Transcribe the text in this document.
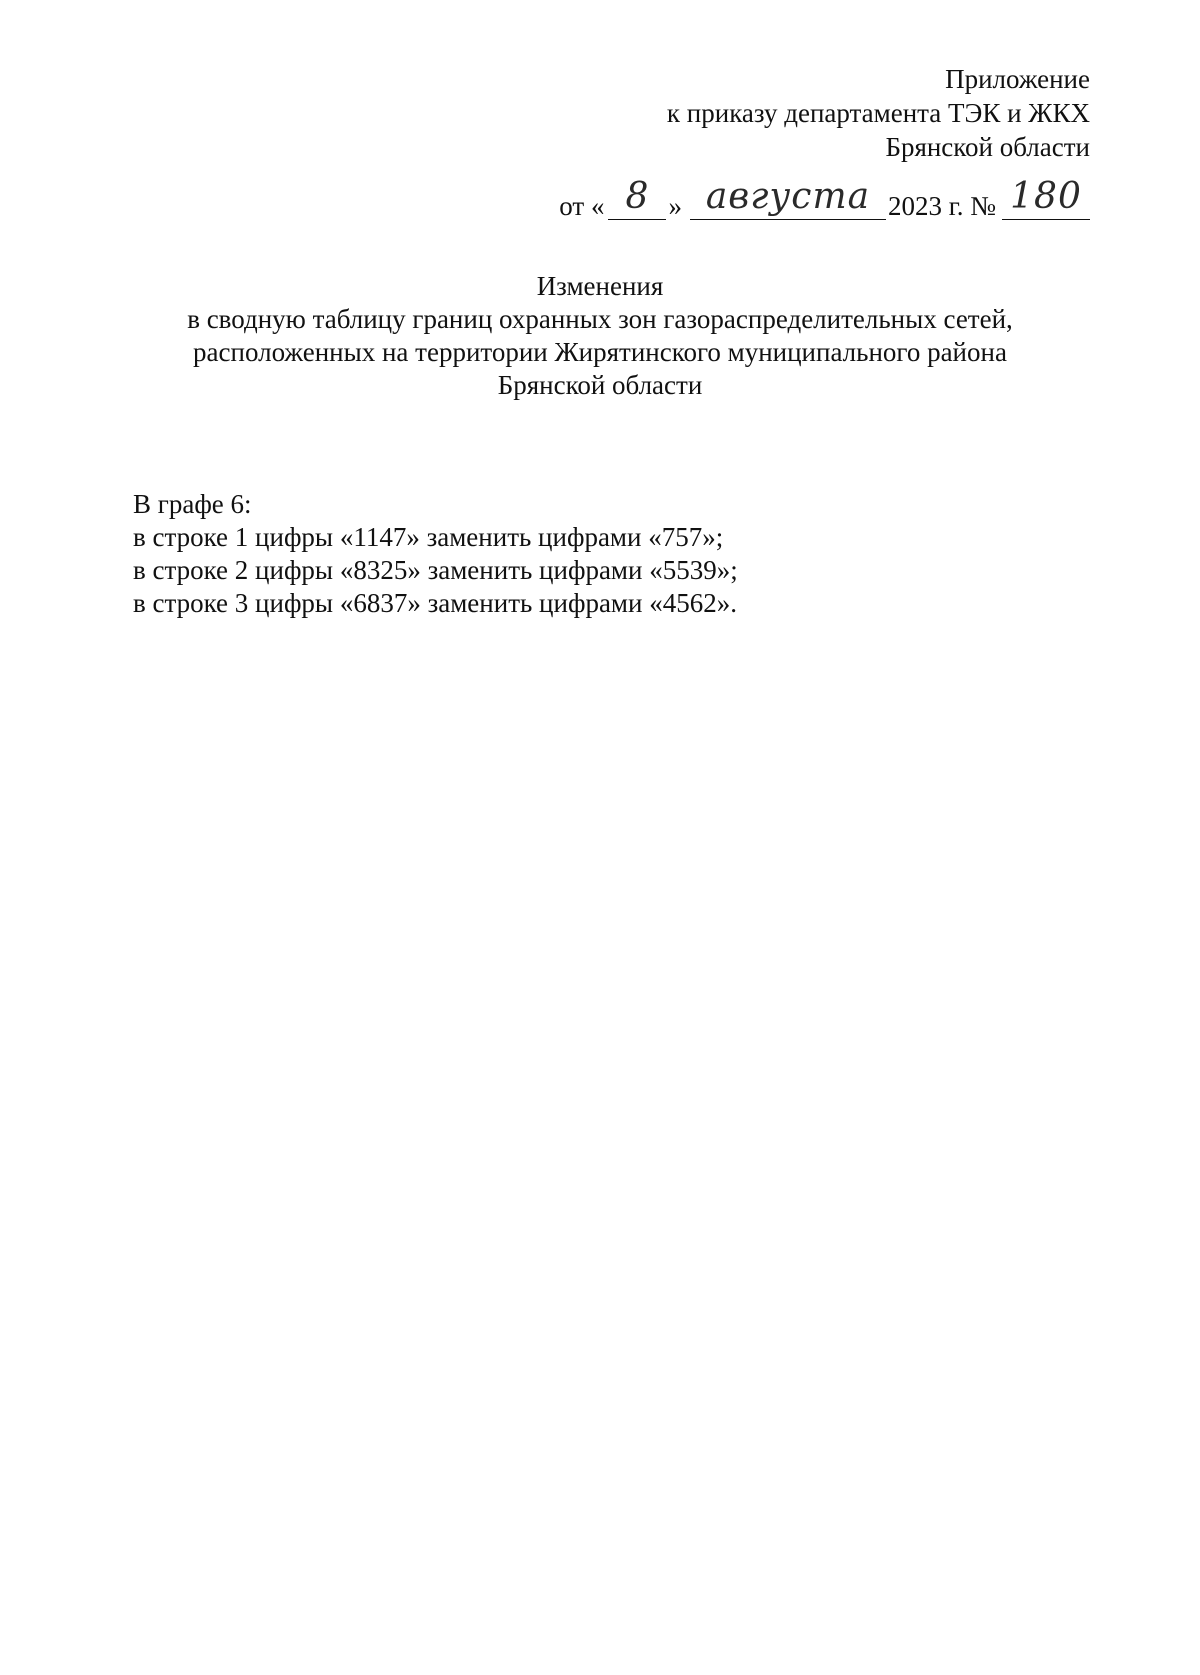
Приложение
к приказу департамента ТЭК и ЖКХ
Брянской области
от « 8 » августа 2023 г. № 180
Изменения
в сводную таблицу границ охранных зон газораспределительных сетей,
расположенных на территории Жирятинского муниципального района
Брянской области
В графе 6:
в строке 1 цифры «1147» заменить цифрами «757»;
в строке 2 цифры «8325» заменить цифрами «5539»;
в строке 3 цифры «6837» заменить цифрами «4562».
